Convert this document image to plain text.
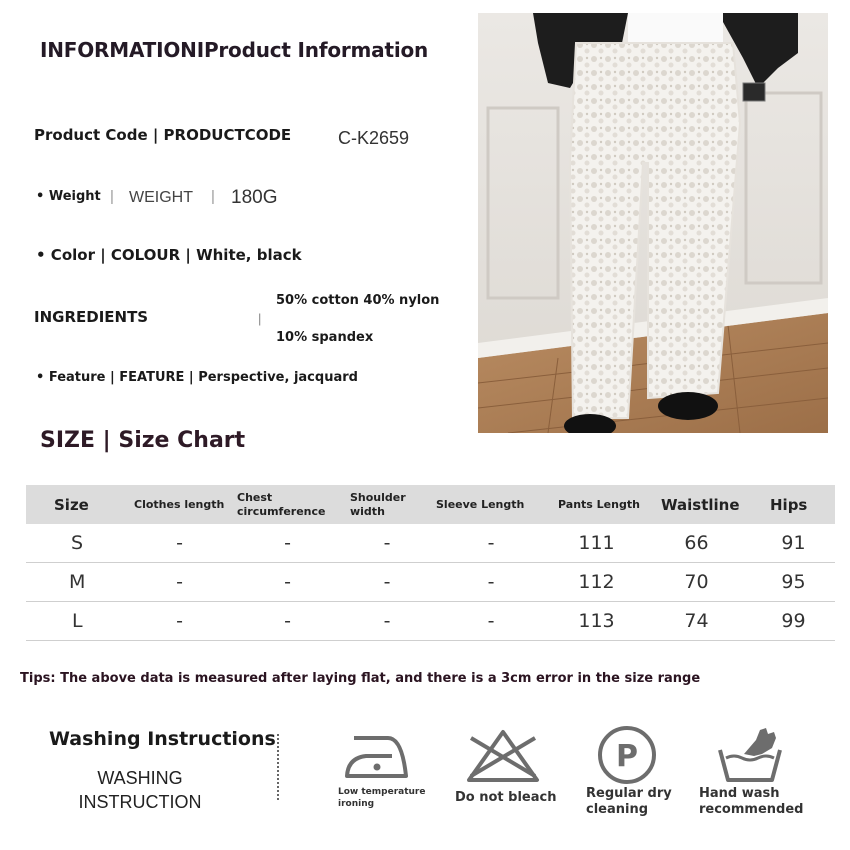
INFORMATIONIProduct Information
Product Code | PRODUCTCODE	C-K2659
• Weight | WEIGHT | 180G
• Color | COLOUR | White, black
INGREDIENTS	|
50% cotton 40% nylon
10% spandex
• Feature | FEATURE | Perspective, jacquard
SIZE | Size Chart
Size	Clothes length	Chest circumference	Shoulder width	Sleeve Length	Pants Length	Waistline	Hips
S	-	-	-	-	111	66	91
M	-	-	-	-	112	70	95
L	-	-	-	-	113	74	99
Tips: The above data is measured after laying flat, and there is a 3cm error in the size range
Washing Instructions
WASHING
INSTRUCTION	Low temperature ironing	Do not bleach
P
Regular dry cleaning
Hand wash recommended
